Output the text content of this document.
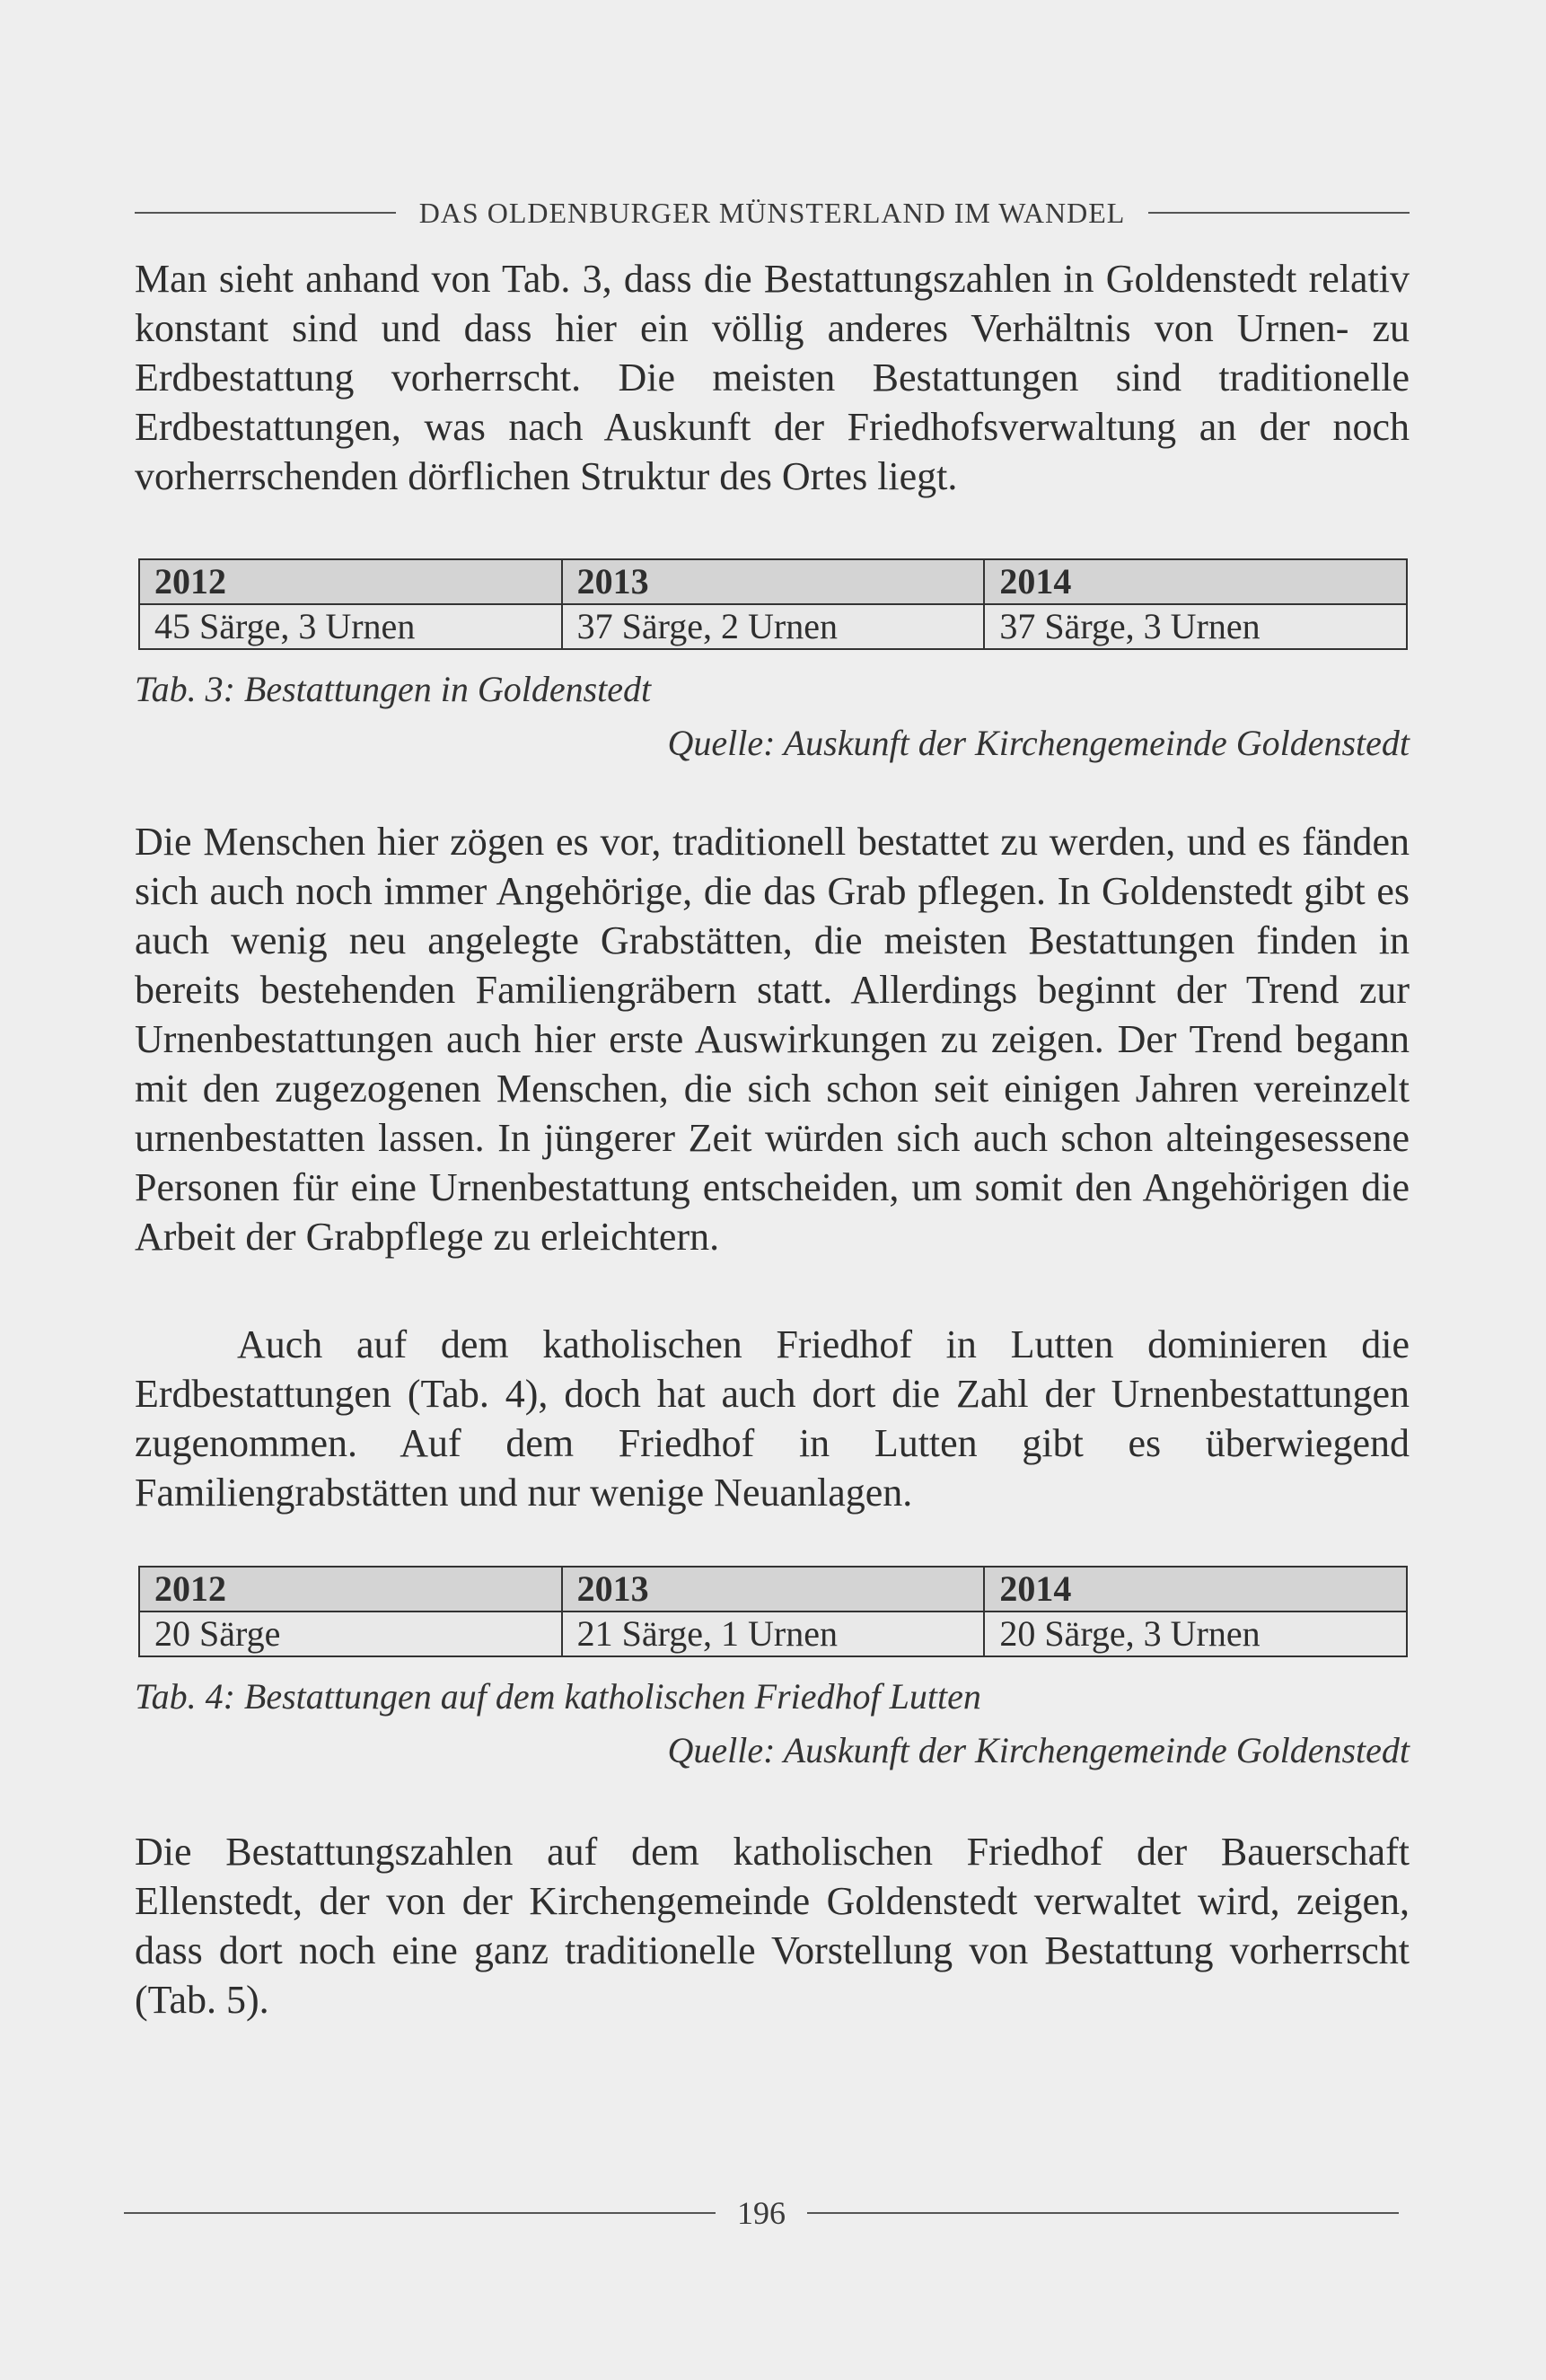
DAS OLDENBURGER MÜNSTERLAND IM WANDEL
Man sieht anhand von Tab. 3, dass die Bestattungszahlen in Goldenstedt relativ konstant sind und dass hier ein völlig anderes Verhältnis von Urnen- zu Erdbestattung vorherrscht. Die meisten Bestattungen sind traditionelle Erdbestattungen, was nach Auskunft der Friedhofsverwaltung an der noch vorherrschenden dörflichen Struktur des Ortes liegt.
2012	2013	2014
45 Särge, 3 Urnen	37 Särge, 2 Urnen	37 Särge, 3 Urnen
Tab. 3: Bestattungen in Goldenstedt
Quelle: Auskunft der Kirchengemeinde Goldenstedt
Die Menschen hier zögen es vor, traditionell bestattet zu werden, und es fänden sich auch noch immer Angehörige, die das Grab pflegen. In Goldenstedt gibt es auch wenig neu angelegte Grabstätten, die meisten Bestattungen finden in bereits bestehenden Familiengräbern statt. Allerdings beginnt der Trend zur Urnenbestattungen auch hier erste Auswirkungen zu zeigen. Der Trend begann mit den zugezogenen Menschen, die sich schon seit einigen Jahren vereinzelt urnenbestatten lassen. In jüngerer Zeit würden sich auch schon alteingesessene Personen für eine Urnenbestattung entscheiden, um somit den Angehörigen die Arbeit der Grabpflege zu erleichtern.
Auch auf dem katholischen Friedhof in Lutten dominieren die Erdbestattungen (Tab. 4), doch hat auch dort die Zahl der Urnenbestattungen zugenommen. Auf dem Friedhof in Lutten gibt es überwiegend Familiengrabstätten und nur wenige Neuanlagen.
2012	2013	2014
20 Särge	21 Särge, 1 Urnen	20 Särge, 3 Urnen
Tab. 4: Bestattungen auf dem katholischen Friedhof Lutten
Quelle: Auskunft der Kirchengemeinde Goldenstedt
Die Bestattungszahlen auf dem katholischen Friedhof der Bauerschaft Ellenstedt, der von der Kirchengemeinde Goldenstedt verwaltet wird, zeigen, dass dort noch eine ganz traditionelle Vorstellung von Bestattung vorherrscht (Tab. 5).
196
